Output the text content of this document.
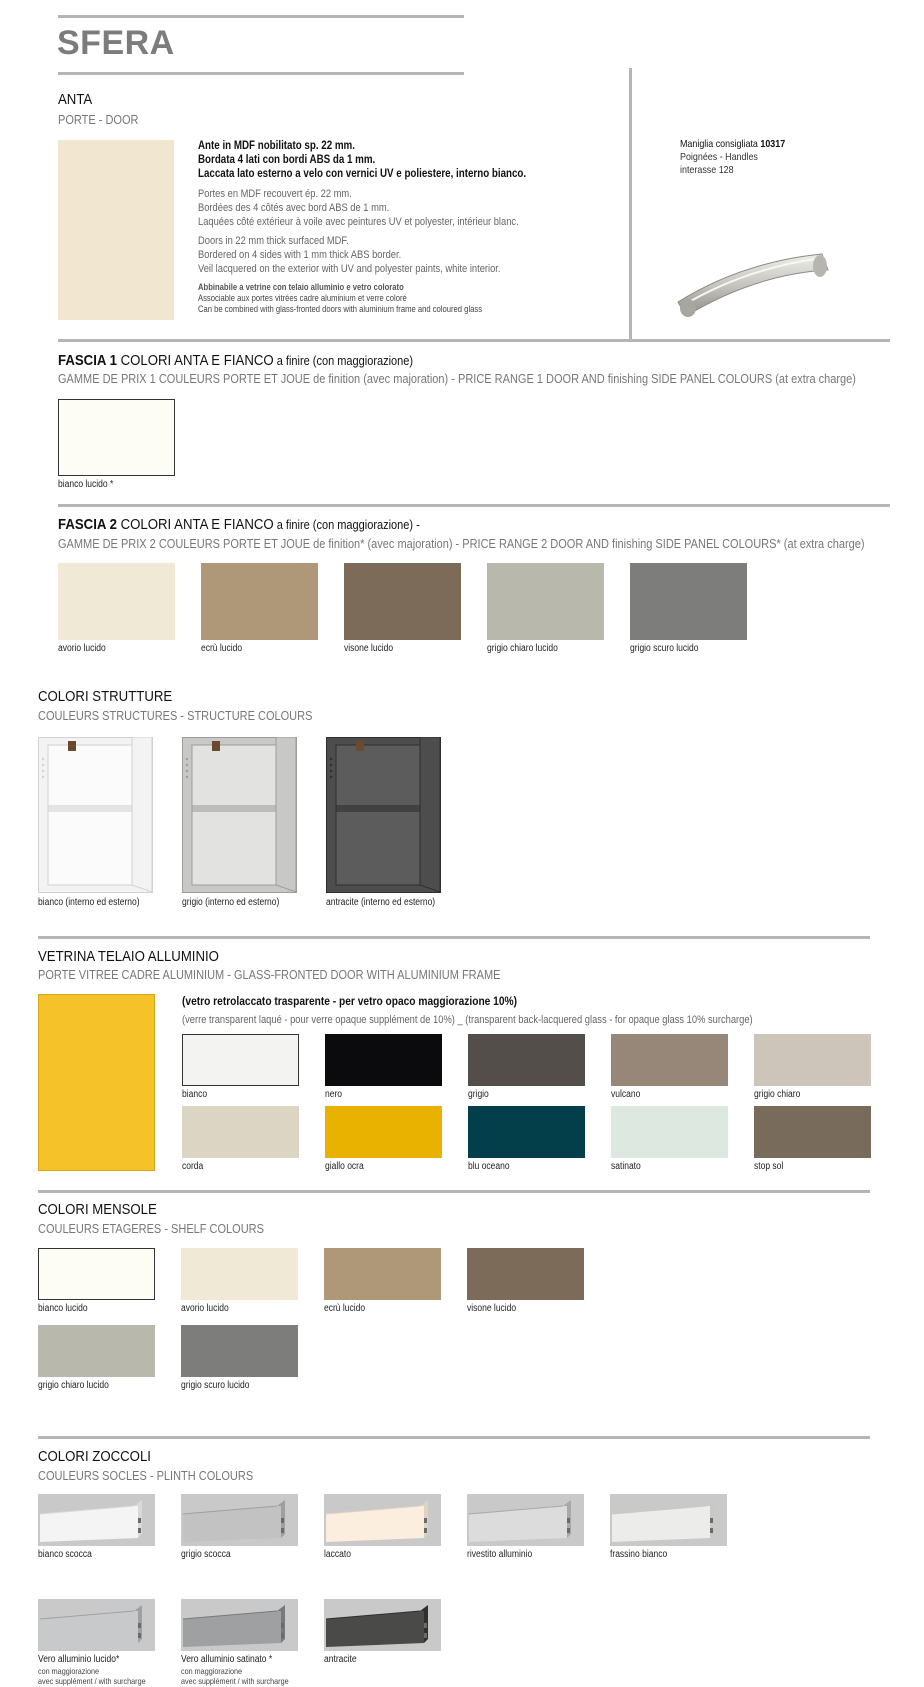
SFERA
ANTA
PORTE - DOOR
Ante in MDF nobilitato sp. 22 mm.
Bordata 4 lati con bordi ABS da 1 mm.
Laccata lato esterno a velo con vernici UV e poliestere, interno bianco.
Portes en MDF recouvert ép. 22 mm.
Bordées des 4 côtés avec bord ABS de 1 mm.
Laquées côté extérieur à voile avec peintures UV et polyester, intérieur blanc.
Doors in 22 mm thick surfaced MDF.
Bordered on 4 sides with 1 mm thick ABS border.
Veil lacquered on the exterior with UV and polyester paints, white interior.
Abbinabile a vetrine con telaio alluminio e vetro colorato
Associable aux portes vitrées cadre aluminium et verre coloré
Can be combined with glass-fronted doors with aluminium frame and coloured glass
Maniglia consigliata 10317
Poignées - Handles
interasse 128
FASCIA 1 COLORI ANTA E FIANCO a finire (con maggiorazione)
GAMME DE PRIX 1 COULEURS PORTE ET JOUE de finition (avec majoration) - PRICE RANGE 1 DOOR AND finishing SIDE PANEL COLOURS (at extra charge)
bianco lucido *
FASCIA 2 COLORI ANTA E FIANCO a finire (con maggiorazione) -
GAMME DE PRIX 2 COULEURS PORTE ET JOUE de finition* (avec majoration) - PRICE RANGE 2 DOOR AND finishing SIDE PANEL COLOURS* (at extra charge)
avorio lucido	ecrù lucido	visone lucido	grigio chiaro lucido	grigio scuro lucido
COLORI STRUTTURE
COULEURS STRUCTURES - STRUCTURE COLOURS
bianco (interno ed esterno)	grigio (interno ed esterno)	antracite (interno ed esterno)
VETRINA TELAIO ALLUMINIO
PORTE VITREE CADRE ALUMINIUM - GLASS-FRONTED DOOR WITH ALUMINIUM FRAME
(vetro retrolaccato trasparente - per vetro opaco maggiorazione 10%)
(verre transparent laqué - pour verre opaque supplément de 10%) _ (transparent back-lacquered glass - for opaque glass 10% surcharge)
bianco	nero	grigio	vulcano	grigio chiaro
corda	giallo ocra	blu oceano	satinato	stop sol
COLORI MENSOLE
COULEURS ETAGERES - SHELF COLOURS
bianco lucido	avorio lucido	ecrù lucido	visone lucido
grigio chiaro lucido	grigio scuro lucido
COLORI ZOCCOLI
COULEURS SOCLES - PLINTH COLOURS
bianco scocca	grigio scocca	laccato	rivestito alluminio	frassino bianco
Vero alluminio lucido*
con maggiorazione
avec supplément / with surcharge
Vero alluminio satinato *
con maggiorazione
avec supplément / with surcharge
antracite
